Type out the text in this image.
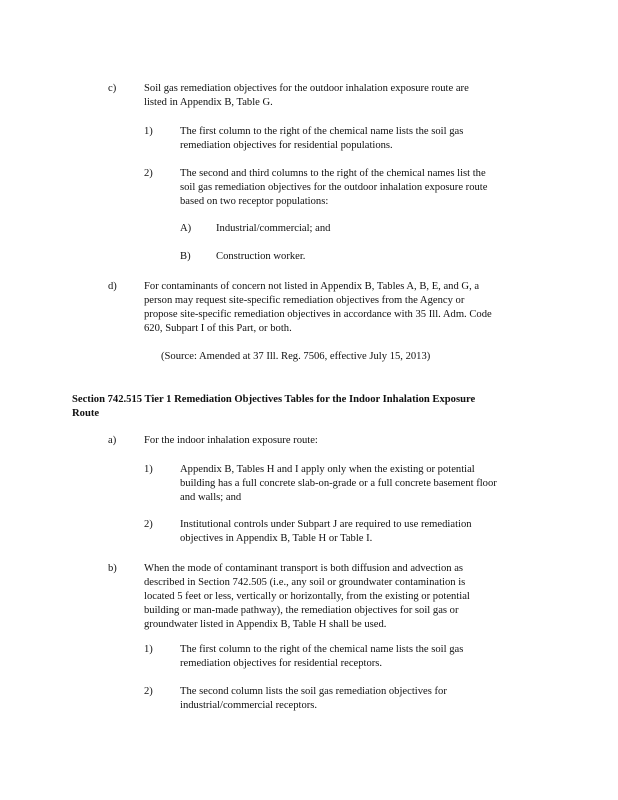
c)	Soil gas remediation objectives for the outdoor inhalation exposure route are
listed in Appendix B, Table G.
1)	The first column to the right of the chemical name lists the soil gas
remediation objectives for residential populations.
2)	The second and third columns to the right of the chemical names list the
soil gas remediation objectives for the outdoor inhalation exposure route
based on two receptor populations:
A) Industrial/commercial; and
B) Construction worker.
d)	For contaminants of concern not listed in Appendix B, Tables A, B, E, and G, a
person may request site-specific remediation objectives from the Agency or
propose site-specific remediation objectives in accordance with 35 Ill. Adm. Code
620, Subpart I of this Part, or both.
(Source: Amended at 37 Ill. Reg. 7506, effective July 15, 2013)
Section 742.515 Tier 1 Remediation Objectives Tables for the Indoor Inhalation Exposure
Route
a)	For the indoor inhalation exposure route:
1)	Appendix B, Tables H and I apply only when the existing or potential
building has a full concrete slab-on-grade or a full concrete basement floor
and walls; and
2)	Institutional controls under Subpart J are required to use remediation
objectives in Appendix B, Table H or Table I.
b)	When the mode of contaminant transport is both diffusion and advection as
described in Section 742.505 (i.e., any soil or groundwater contamination is
located 5 feet or less, vertically or horizontally, from the existing or potential
building or man-made pathway), the remediation objectives for soil gas or
groundwater listed in Appendix B, Table H shall be used.
1)	The first column to the right of the chemical name lists the soil gas
remediation objectives for residential receptors.
2)	The second column lists the soil gas remediation objectives for
industrial/commercial receptors.
